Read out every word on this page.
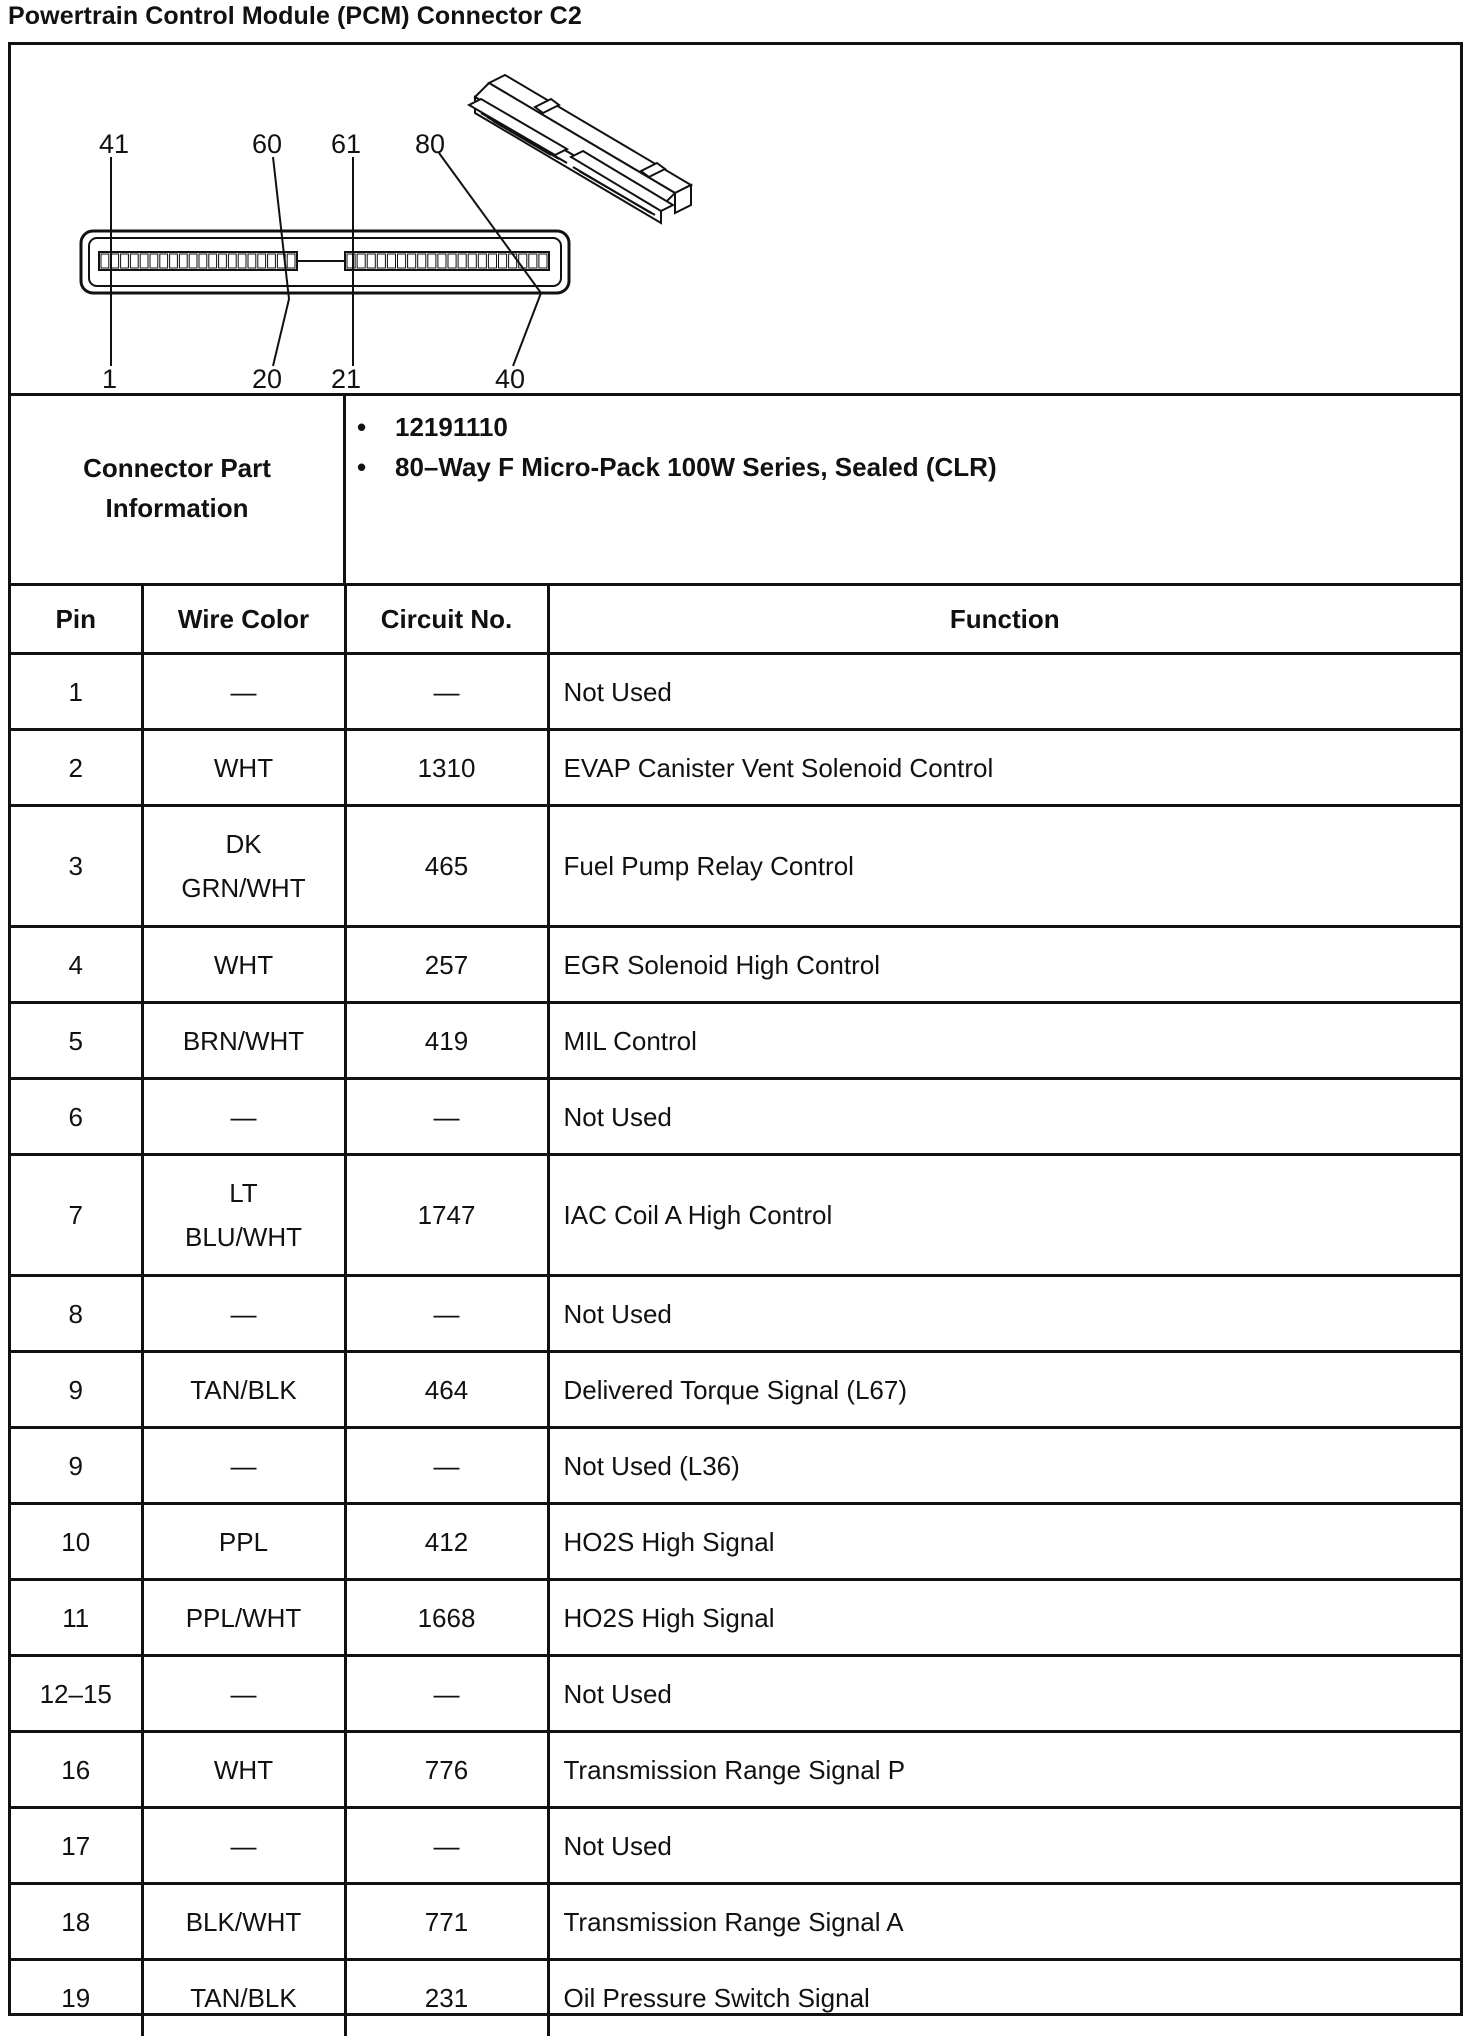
Powertrain Control Module (PCM) Connector C2
41	60 61 80
1	20 21	40
Connector Part Information
• 12191110
• 80–Way F Micro-Pack 100W Series, Sealed (CLR)
Pin	Wire Color	Circuit No.	Function
1	—	—	Not Used
2	WHT	1310	EVAP Canister Vent Solenoid Control
3	DK
GRN/WHT	465	Fuel Pump Relay Control
4	WHT	257	EGR Solenoid High Control
5	BRN/WHT	419	MIL Control
6	—	—	Not Used
7	LT
BLU/WHT	1747	IAC Coil A High Control
8	—	—	Not Used
9	TAN/BLK	464	Delivered Torque Signal (L67)
9	—	—	Not Used (L36)
10	PPL	412	HO2S High Signal
11	PPL/WHT	1668	HO2S High Signal
12–15	—	—	Not Used
16	WHT	776	Transmission Range Signal P
17	—	—	Not Used
18	BLK/WHT	771	Transmission Range Signal A
19	TAN/BLK	231	Oil Pressure Switch Signal
